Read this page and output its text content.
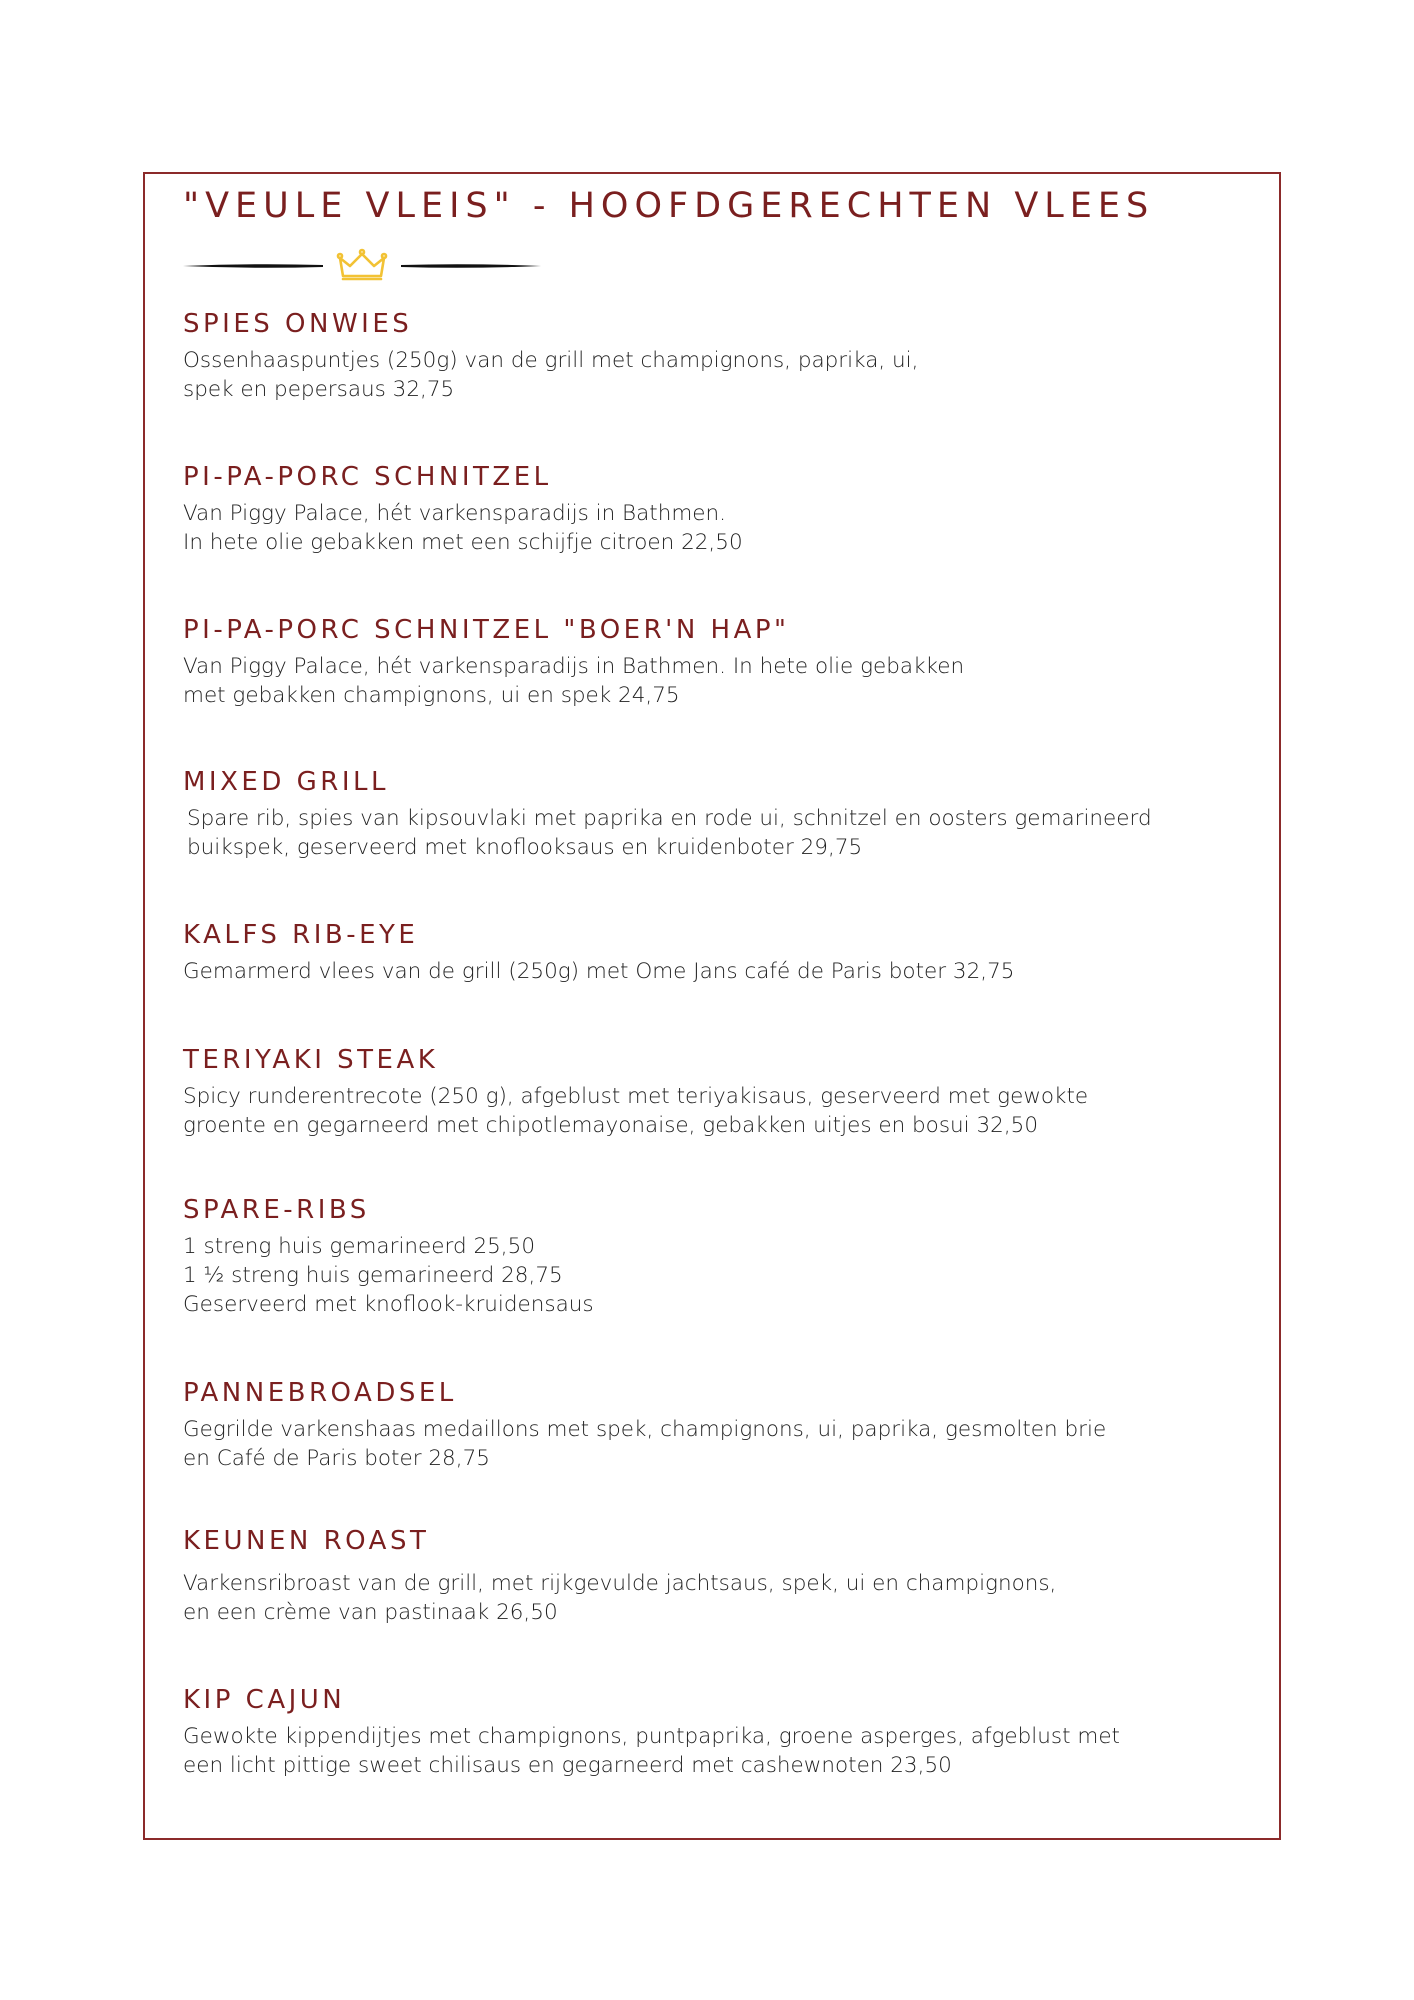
"VEULE VLEIS" - HOOFDGERECHTEN VLEES
SPIES ONWIES

Ossenhaaspuntjes (250g) van de grill met champignons, paprika, ui,
spek en pepersaus 32,75

PI-PA-PORC SCHNITZEL

Van Piggy Palace, hét varkensparadijs in Bathmen.
In hete olie gebakken met een schijfje citroen 22,50

PI-PA-PORC SCHNITZEL "BOER'N HAP"

Van Piggy Palace, hét varkensparadijs in Bathmen. In hete olie gebakken
met gebakken champignons, ui en spek 24,75

MIXED GRILL

Spare rib, spies van kipsouvlaki met paprika en rode ui, schnitzel en oosters gemarineerd
buikspek, geserveerd met knoflooksaus en kruidenboter 29,75

KALFS RIB-EYE

Gemarmerd vlees van de grill (250g) met Ome Jans café de Paris boter 32,75

TERIYAKI STEAK

Spicy runderentrecote (250 g), afgeblust met teriyakisaus, geserveerd met gewokte
groente en gegarneerd met chipotlemayonaise, gebakken uitjes en bosui 32,50

SPARE-RIBS

1 streng huis gemarineerd 25,50
1 ½ streng huis gemarineerd 28,75
Geserveerd met knoflook-kruidensaus

PANNEBROADSEL

Gegrilde varkenshaas medaillons met spek, champignons, ui, paprika, gesmolten brie
en Café de Paris boter 28,75

KEUNEN ROAST

Varkensribroast van de grill, met rijkgevulde jachtsaus, spek, ui en champignons,
en een crème van pastinaak 26,50

KIP CAJUN

Gewokte kippendijtjes met champignons, puntpaprika, groene asperges, afgeblust met
een licht pittige sweet chilisaus en gegarneerd met cashewnoten 23,50
